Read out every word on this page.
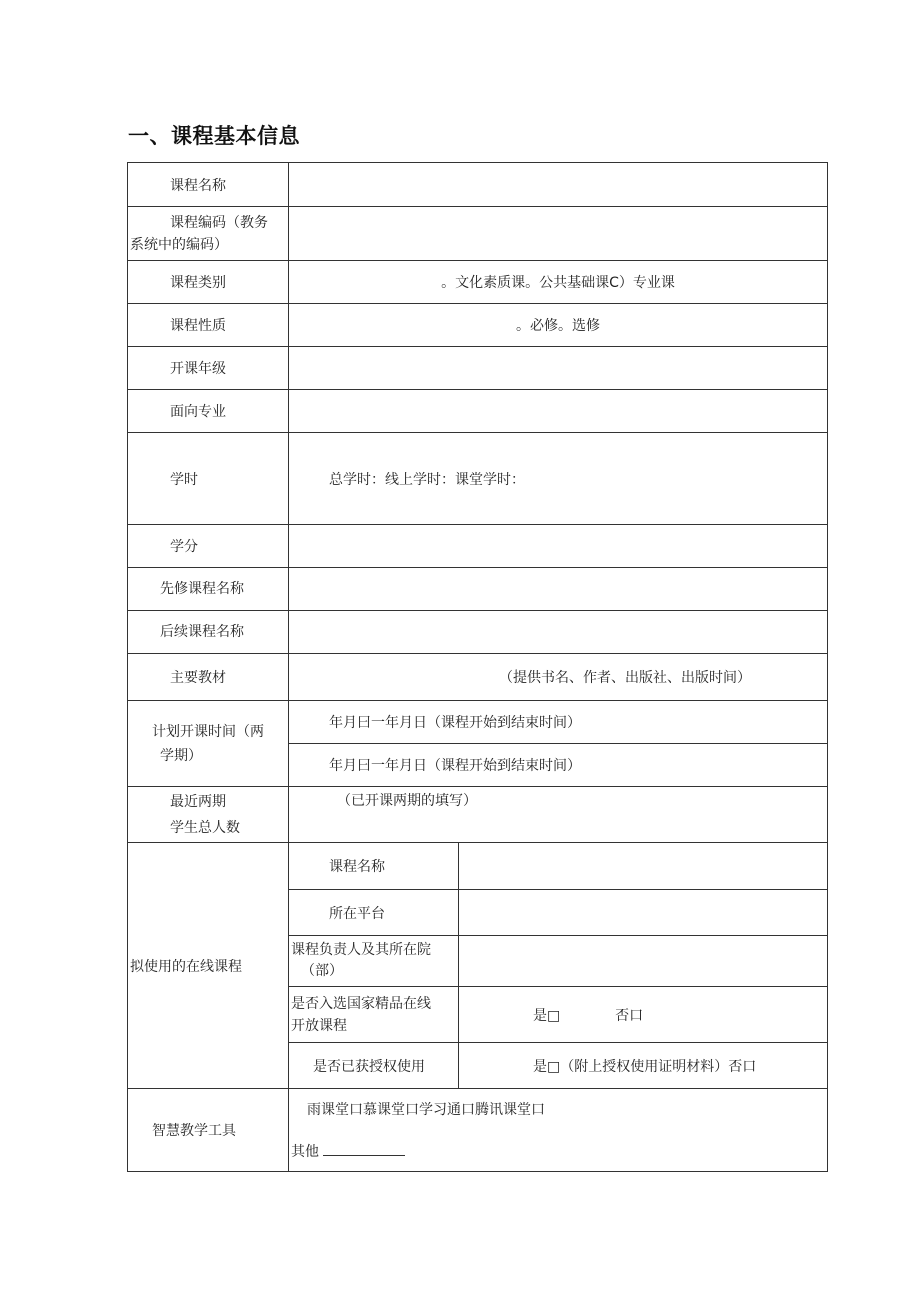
一、课程基本信息
课程名称		

课程编码（教务
系统中的编码）		

课程类别	。文化素质课。公共基础课C）专业课	
课程性质	。必修。选修	
开课年级		
面向专业		
学时	总学时：线上学时：课堂学时：	
学分		
先修课程名称		
后续课程名称		
主要教材	（提供书名、作者、出版社、出版时间）	

计划开课时间（两
学期）	年月曰一年月日（课程开始到结束时间）	
	年月曰一年月日（课程开始到结束时间）	

最近两期
学生总人数	（已开课两期的填写）	
拟使用的在线课程	课程名称	
	所在平台	

	课程负责人及其所在院
（部）	

	是否入选国家精品在线
开放课程	是□ 否口
	是否已获授权使用	是□（附上授权使用证明材料）否口
智慧教学工具	雨课堂口慕课堂口学习通口腾讯课堂口
其他	
